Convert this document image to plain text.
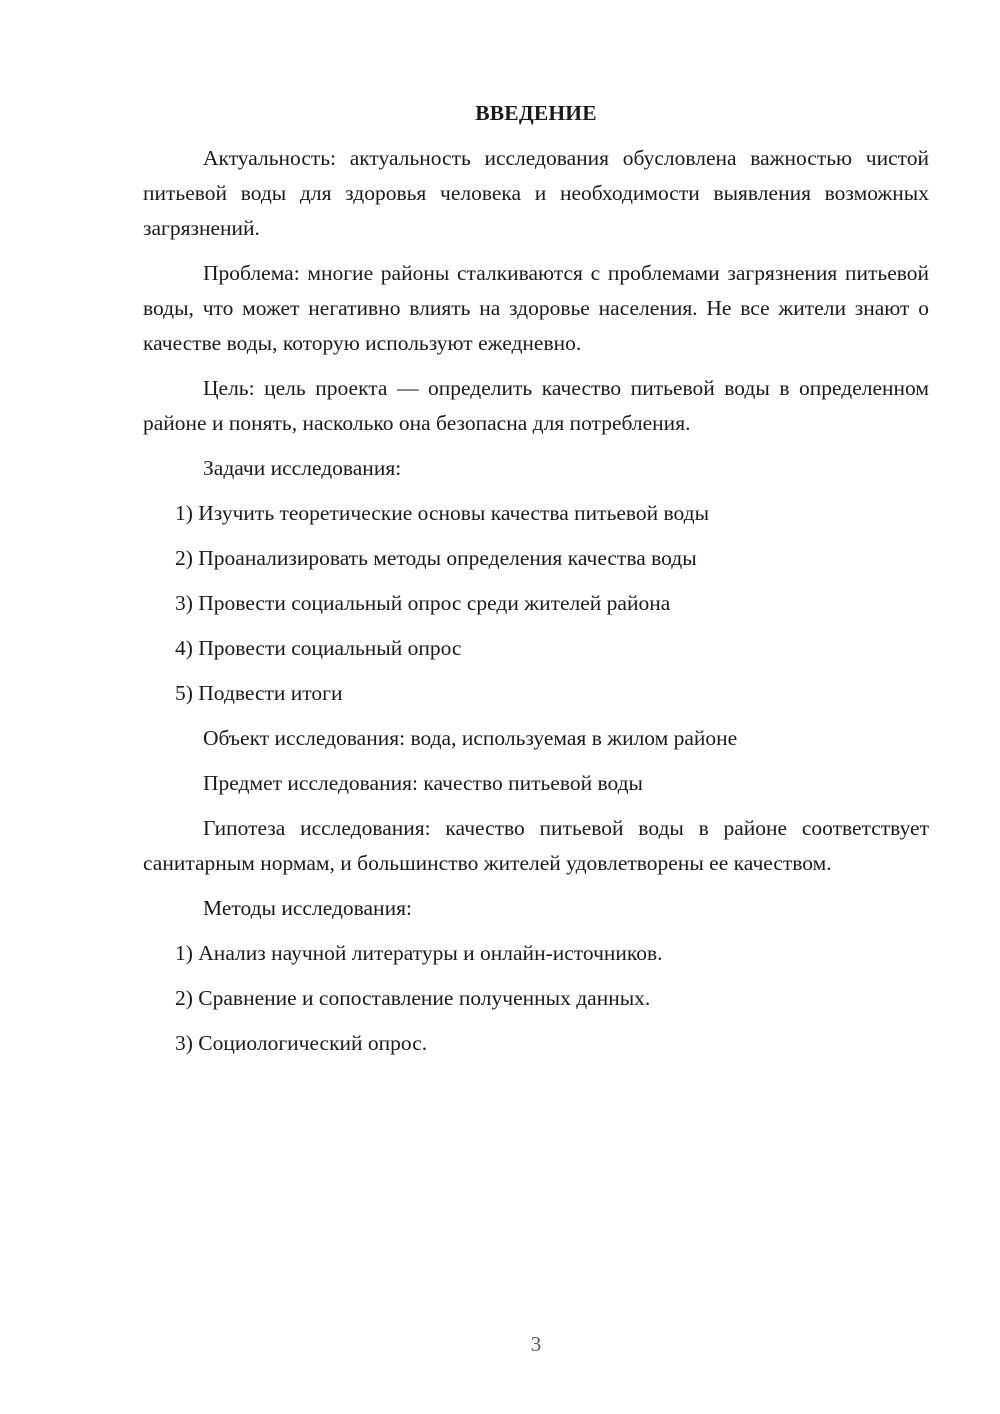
ВВЕДЕНИЕ

Актуальность: актуальность исследования обусловлена важностью чистой питьевой воды для здоровья человека и необходимости выявления возможных загрязнений.

Проблема: многие районы сталкиваются с проблемами загрязнения питьевой воды, что может негативно влиять на здоровье населения. Не все жители знают о качестве воды, которую используют ежедневно.

Цель: цель проекта — определить качество питьевой воды в определенном районе и понять, насколько она безопасна для потребления.

Задачи исследования:

1) Изучить теоретические основы качества питьевой воды
2) Проанализировать методы определения качества воды
3) Провести социальный опрос среди жителей района
4) Провести социальный опрос
5) Подвести итоги

Объект исследования: вода, используемая в жилом районе

Предмет исследования: качество питьевой воды

Гипотеза исследования: качество питьевой воды в районе соответствует санитарным нормам, и большинство жителей удовлетворены ее качеством.

Методы исследования:

1) Анализ научной литературы и онлайн-источников.
2) Сравнение и сопоставление полученных данных.
3) Социологический опрос.
3
